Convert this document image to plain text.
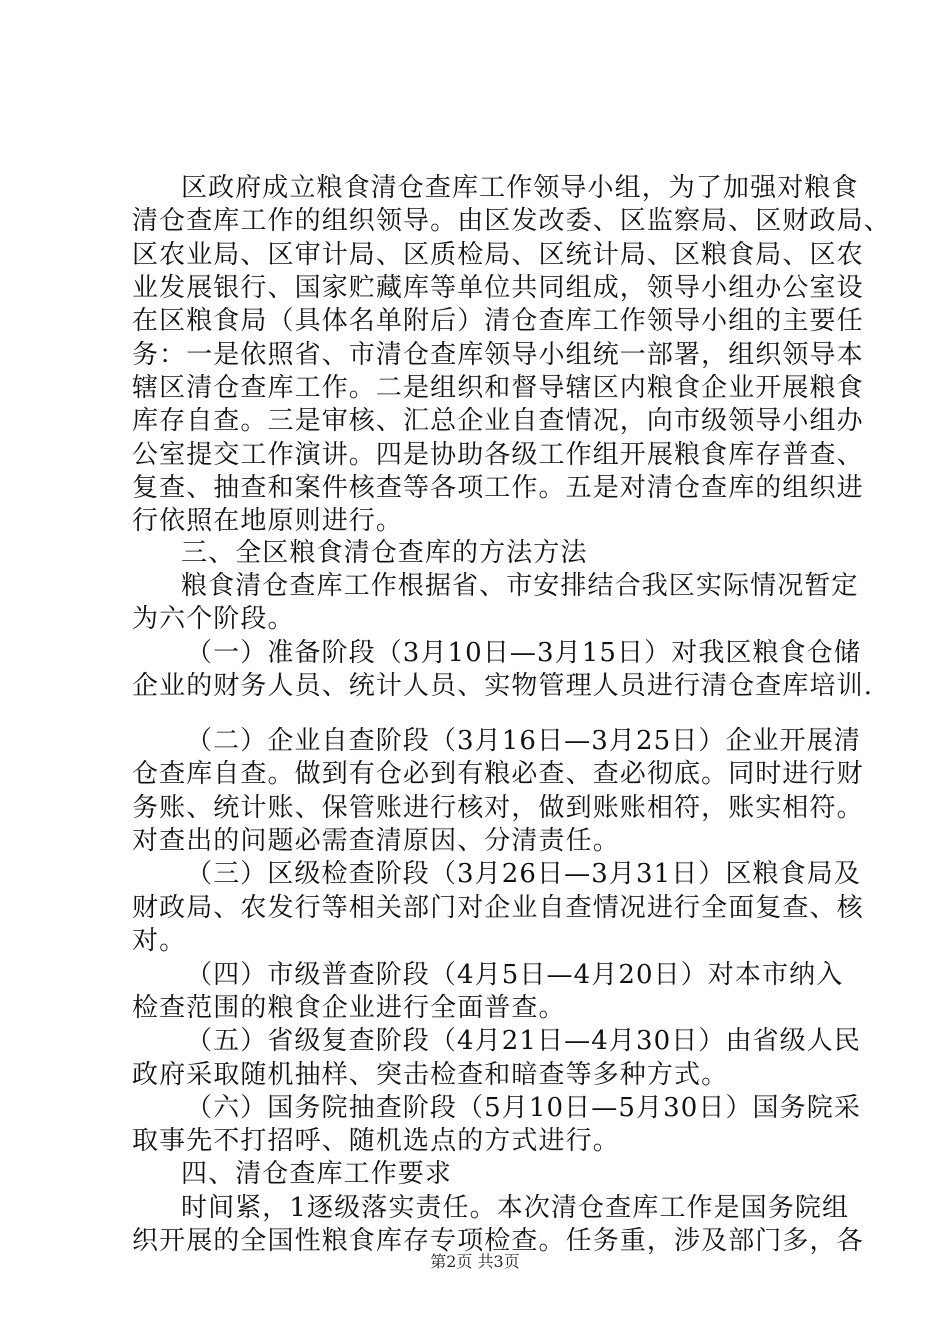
区政府成立粮食清仓查库工作领导小组，为了加强对粮食
清仓查库工作的组织领导。由区发改委、区监察局、区财政局、
区农业局、区审计局、区质检局、区统计局、区粮食局、区农
业发展银行、国家贮藏库等单位共同组成，领导小组办公室设
在区粮食局（具体名单附后）清仓查库工作领导小组的主要任
务：一是依照省、市清仓查库领导小组统一部署，组织领导本
辖区清仓查库工作。二是组织和督导辖区内粮食企业开展粮食
库存自查。三是审核、汇总企业自查情况，向市级领导小组办
公室提交工作演讲。四是协助各级工作组开展粮食库存普查、
复查、抽查和案件核查等各项工作。五是对清仓查库的组织进
行依照在地原则进行。
三、全区粮食清仓查库的方法方法
粮食清仓查库工作根据省、市安排结合我区实际情况暂定
为六个阶段。
（一）准备阶段（3月10日—3月15日）对我区粮食仓储
企业的财务人员、统计人员、实物管理人员进行清仓查库培训.
（二）企业自查阶段（3月16日—3月25日）企业开展清
仓查库自查。做到有仓必到有粮必查、查必彻底。同时进行财
务账、统计账、保管账进行核对，做到账账相符，账实相符。
对查出的问题必需查清原因、分清责任。
（三）区级检查阶段（3月26日—3月31日）区粮食局及
财政局、农发行等相关部门对企业自查情况进行全面复查、核
对。
（四）市级普查阶段（4月5日—4月20日）对本市纳入
检查范围的粮食企业进行全面普查。
（五）省级复查阶段（4月21日—4月30日）由省级人民
政府采取随机抽样、突击检查和暗查等多种方式。
（六）国务院抽查阶段（5月10日—5月30日）国务院采
取事先不打招呼、随机选点的方式进行。
四、清仓查库工作要求
时间紧，1逐级落实责任。本次清仓查库工作是国务院组
织开展的全国性粮食库存专项检查。任务重，涉及部门多，各
第2页 共3页
